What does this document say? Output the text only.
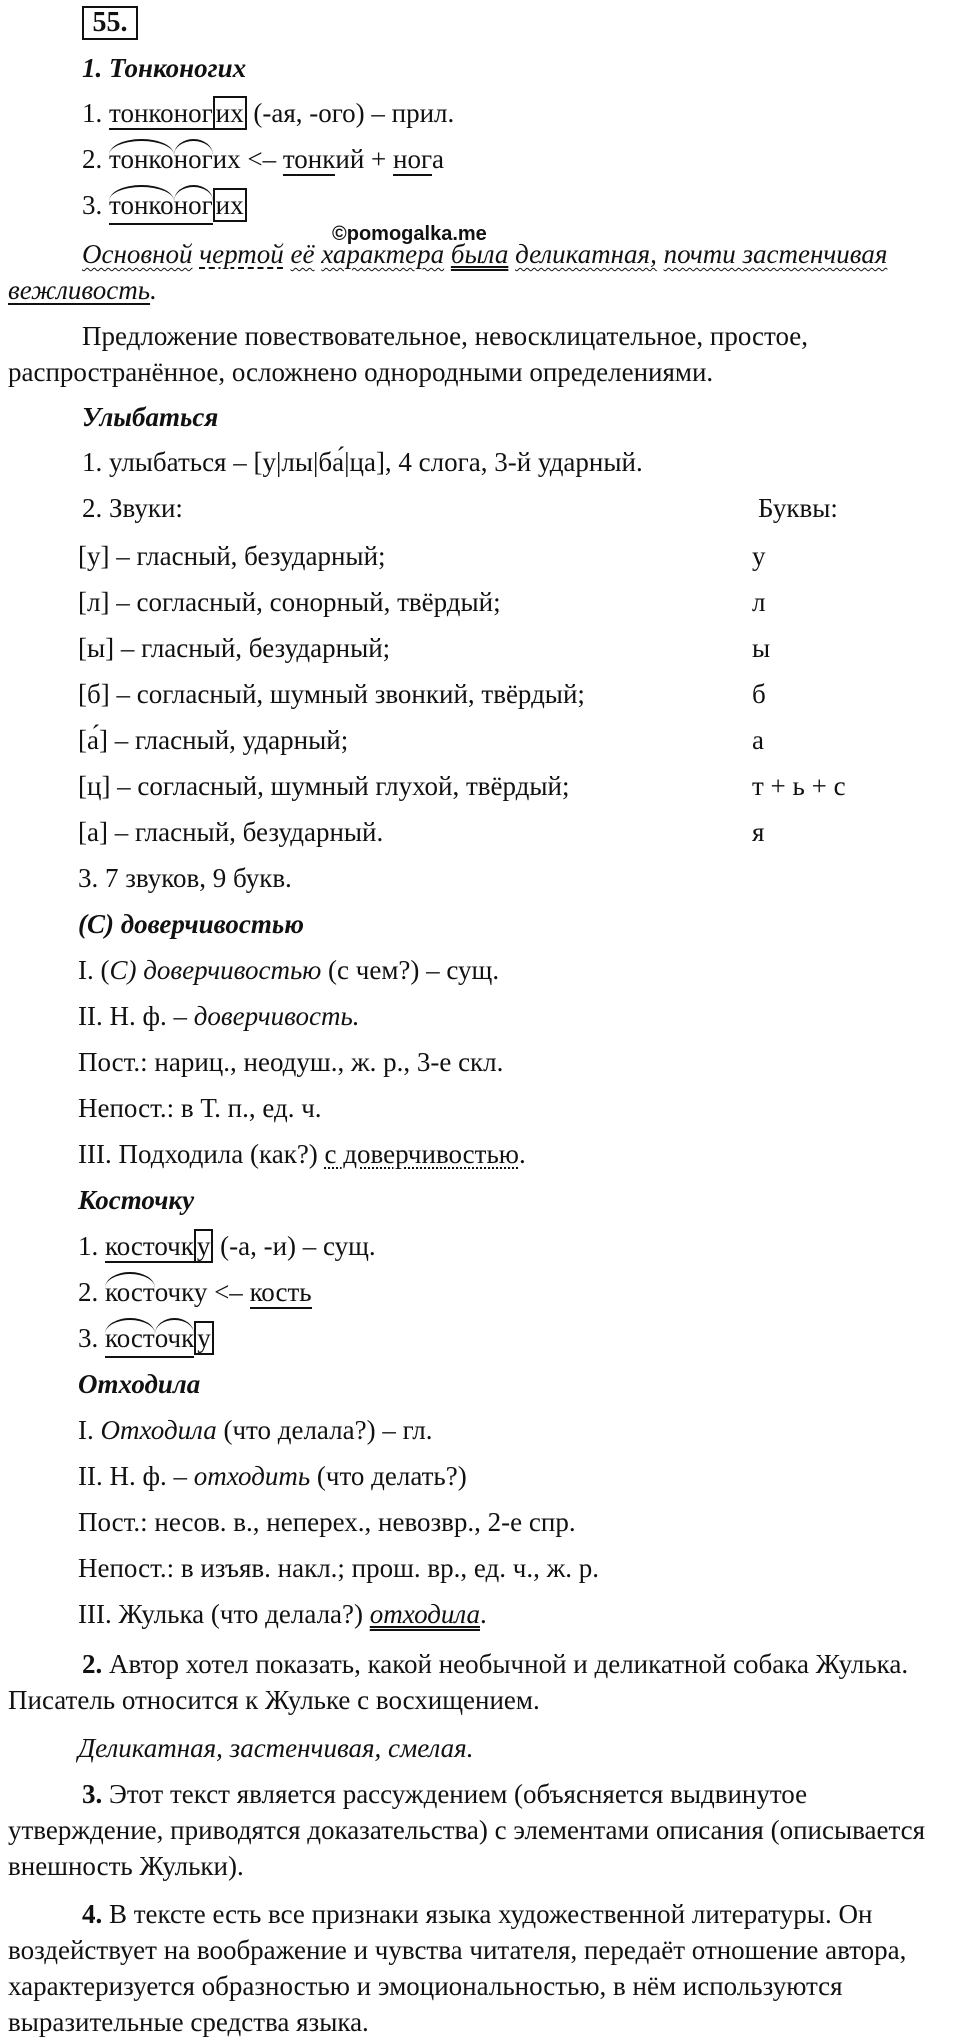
55.
©pomogalka.me
1. Тонконогих
1. тонконог их (-ая, -ого) – прил.
2.
тонко
ногих <– тонкий + нога
3.
тонко
ног их
Основной чертой её характера была деликатная, почти застенчивая
вежливость.
Предложение повествовательное, невосклицательное, простое,
распространённое, осложнено однородными определениями.
Улыбаться
1. улыбаться – [у|лы|ба́|ца], 4 слога, 3-й ударный.
2. Звуки:	Буквы:
[у] – гласный, безударный;	у
[л] – согласный, сонорный, твёрдый;	л
[ы] – гласный, безударный;	ы
[б] – согласный, шумный звонкий, твёрдый;	б
[а́] – гласный, ударный;	а
[ц] – согласный, шумный глухой, твёрдый;	т + ь + с
[а] – гласный, безударный.	я
3. 7 звуков, 9 букв.
(С) доверчивостью
I. (С) доверчивостью (с чем?) – сущ.
II. Н. ф. – доверчивость.
Пост.: нариц., неодуш., ж. р., 3-е скл.
Непост.: в Т. п., ед. ч.
III. Подходила (как?) с доверчивостью.
Косточку
1. косточк у (-а, -и) – сущ.
2.
косточку <– кость
3.
кост
очк у
Отходила
I. Отходила (что делала?) – гл.
II. Н. ф. – отходить (что делать?)
Пост.: несов. в., неперех., невозвр., 2-е спр.
Непост.: в изъяв. накл.; прош. вр., ед. ч., ж. р.
III. Жулька (что делала?) отходила.
2. Автор хотел показать, какой необычной и деликатной собака Жулька. Писатель относится к Жульке с восхищением.
Деликатная, застенчивая, смелая.
3. Этот текст является рассуждением (объясняется выдвинутое утверждение, приводятся доказательства) с элементами описания (описывается внешность Жульки).
4. В тексте есть все признаки языка художественной литературы. Он воздействует на воображение и чувства читателя, передаёт отношение автора, характеризуется образностью и эмоциональностью, в нём используются выразительные средства языка.
